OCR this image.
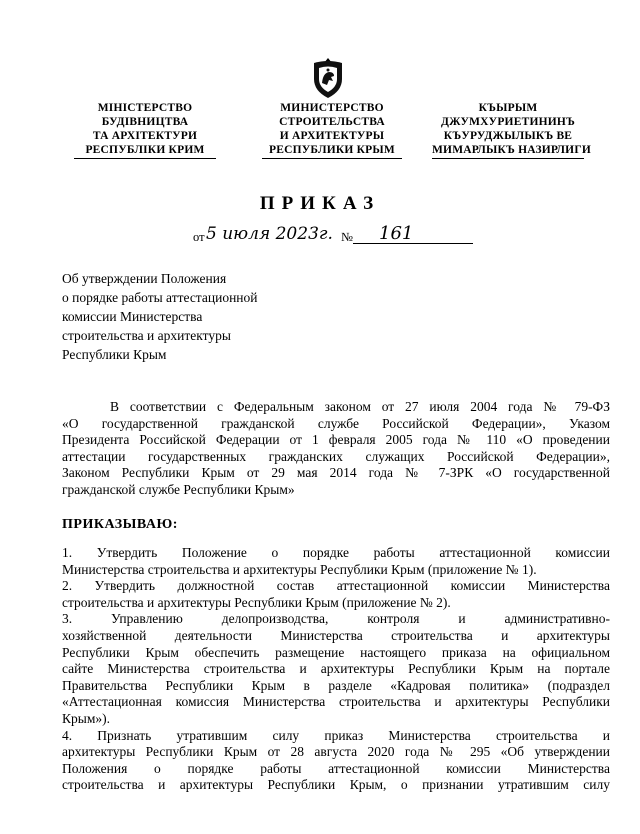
МІНІСТЕРСТВО
БУДІВНИЦТВА
ТА АРХІТЕКТУРИ
РЕСПУБЛІКИ КРИМ
МИНИСТЕРСТВО
СТРОИТЕЛЬСТВА
И АРХИТЕКТУРЫ
РЕСПУБЛИКИ КРЫМ
КЪЫРЫМ
ДЖУМХУРИЕТИНИНЪ
КЪУРУДЖЫЛЫКЪ ВЕ
МИМАРЛЫКЪ НАЗИРЛИГИ
ПРИКАЗ
от 5 июля 2023г. № 161
Об утверждении Положения
о порядке работы аттестационной
комиссии Министерства
строительства и архитектуры
Республики Крым
В соответствии с Федеральным законом от 27 июля 2004 года № 79-ФЗ
«О государственной гражданской службе Российской Федерации», Указом
Президента Российской Федерации от 1 февраля 2005 года № 110 «О проведении
аттестации государственных гражданских служащих Российской Федерации»,
Законом Республики Крым от 29 мая 2014 года № 7-ЗРК «О государственной
гражданской службе Республики Крым»
ПРИКАЗЫВАЮ:
1. Утвердить Положение о порядке работы аттестационной комиссии
Министерства строительства и архитектуры Республики Крым (приложение № 1).
2. Утвердить должностной состав аттестационной комиссии Министерства
строительства и архитектуры Республики Крым (приложение № 2).
3. Управлению делопроизводства, контроля и административно-
хозяйственной деятельности Министерства строительства и архитектуры
Республики Крым обеспечить размещение настоящего приказа на официальном
сайте Министерства строительства и архитектуры Республики Крым на портале
Правительства Республики Крым в разделе «Кадровая политика» (подраздел
«Аттестационная комиссия Министерства строительства и архитектуры Республики
Крым»).
4. Признать утратившим силу приказ Министерства строительства и
архитектуры Республики Крым от 28 августа 2020 года № 295 «Об утверждении
Положения о порядке работы аттестационной комиссии Министерства
строительства и архитектуры Республики Крым, о признании утратившим силу
